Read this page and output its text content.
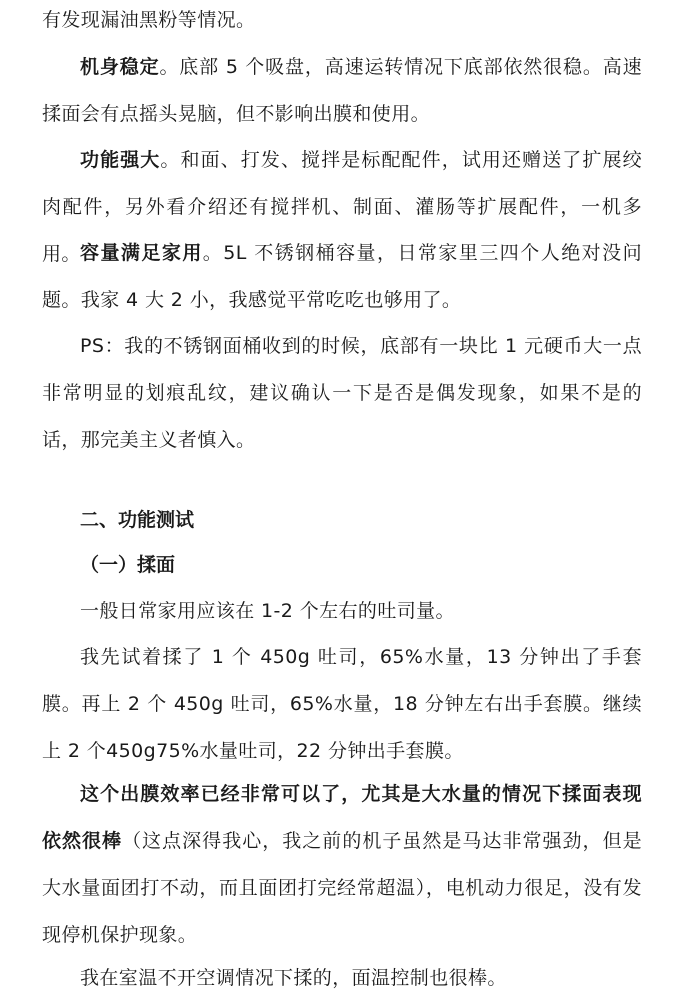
有发现漏油黑粉等情况。

机身稳定。底部 5 个吸盘，高速运转情况下底部依然很稳。高速揉面会有点摇头晃脑，但不影响出膜和使用。

功能强大。和面、打发、搅拌是标配配件，试用还赠送了扩展绞肉配件，另外看介绍还有搅拌机、制面、灌肠等扩展配件，一机多用。 容量满足家用。5L 不锈钢桶容量，日常家里三四个人绝对没问题。我家 4 大 2 小，我感觉平常吃吃也够用了。

PS：我的不锈钢面桶收到的时候，底部有一块比 1 元硬币大一点非常明显的划痕乱纹，建议确认一下是否是偶发现象，如果不是的话，那完美主义者慎入。

二、功能测试
（一）揉面

一般日常家用应该在 1-2 个左右的吐司量。

我先试着揉了 1 个 450g 吐司，65%水量，13 分钟出了手套膜。再上 2 个 450g 吐司，65%水量，18 分钟左右出手套膜。继续上 2 个450g75%水量吐司，22 分钟出手套膜。

这个出膜效率已经非常可以了，尤其是大水量的情况下揉面表现依然很棒（这点深得我心，我之前的机子虽然是马达非常强劲，但是大水量面团打不动，而且面团打完经常超温），电机动力很足，没有发现停机保护现象。

我在室温不开空调情况下揉的，面温控制也很棒。
